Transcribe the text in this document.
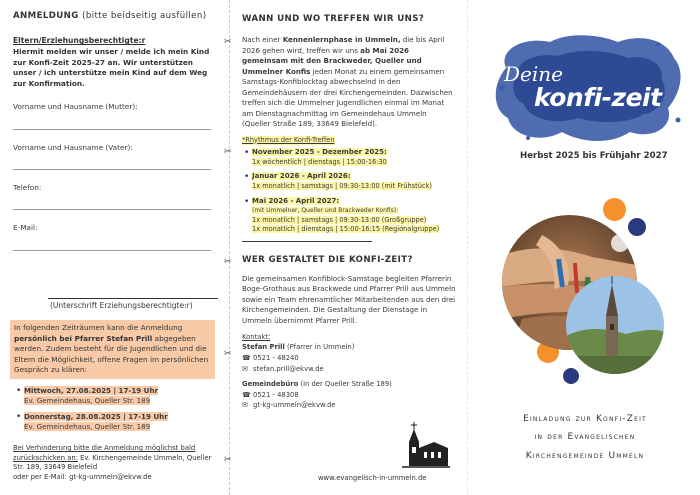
✂
✂
✂
✂
✂
ANMELDUNG (bitte beidseitig ausfüllen)
Eltern/Erziehungsberechtigte:r
Hiermit melden wir unser / melde ich mein Kind zur Konfi-Zeit 2025-27 an. Wir unterstützen unser / ich unterstütze mein Kind auf dem Weg zur Konfirmation.
Vorname und Hausname (Mutter):
Vorname und Hausname (Vater):
Telefon:
E-Mail:
(Unterschrift Erziehungsberechtigte:r)
In folgenden Zeiträumen kann die Anmeldung persönlich bei Pfarrer Stefan Prill abgegeben werden. Zudem besteht für die Jugendlichen und die Eltern die Möglichkeit, offene Fragen im persönlichen Gespräch zu klären:
• Mittwoch, 27.08.2025 | 17-19 Uhr
Ev. Gemeindehaus, Queller Str. 189
• Donnerstag, 28.08.2025 | 17-19 Uhr
Ev. Gemeindehaus, Queller Str. 189
Bei Verhinderung bitte die Anmeldung möglichst bald zurückschicken an: Ev. Kirchengemeinde Ummeln, Queller Str. 189, 33649 Bielefeld
oder per E-Mail: gt-kg-ummeln@ekvw.de
WANN UND WO TREFFEN WIR UNS?
Nach einer Kennenlernphase in Ummeln, die bis April 2026 gehen wird, treffen wir uns ab Mai 2026 gemeinsam mit den Brackweder, Queller und Ummelner Konfis jeden Monat zu einem gemeinsamen Samstags-Konfiblocktag abwechselnd in den Gemeindehäusern der drei Kirchengemeinden. Dazwischen treffen sich die Ummelner Jugendlichen einmal im Monat am Dienstagnachmittag im Gemeindehaus Ummeln (Queller Straße 189, 33649 Bielefeld).
*Rhythmus der Konfi-Treffen
• November 2025 - Dezember 2025:
1x wöchentlich | dienstags | 15:00-16:30
• Januar 2026 - April 2026:
1x monatlich | samstags | 09:30-13:00 (mit Frühstück)
• Mai 2026 - April 2027:
(mit Ummelner, Queller und Brackweder Konfis):
1x monatlich | samstags | 09:30-13:00 (Großgruppe)
1x monatlich | dienstags | 15:00-16:15 (Regionalgruppe)
WER GESTALTET DIE KONFI-ZEIT?
Die gemeinsamen Konfiblock-Samstage begleiten Pfarrerin Boge-Grothaus aus Brackwede und Pfarrer Prill aus Ummeln sowie ein Team ehrenamtlicher Mitarbeitenden aus den drei Kirchengemeinden. Die Gestaltung der Dienstage in Ummeln übernimmt Pfarrer Prill.
Kontakt:
Stefan Prill (Pfarrer in Ummeln)
☎ 0521 - 48240
✉ stefan.prill@ekvw.de
Gemeindebüro (in der Queller Straße 189)
☎ 0521 - 48308
✉ gt-kg-ummeln@ekvw.de
www.evangelisch-in-ummeln.de
Deine
konfi-zeit
Herbst 2025 bis Frühjahr 2027
Einladung zur Konfi-Zeit
in der Evangelischen
Kirchengemeinde Ummeln
